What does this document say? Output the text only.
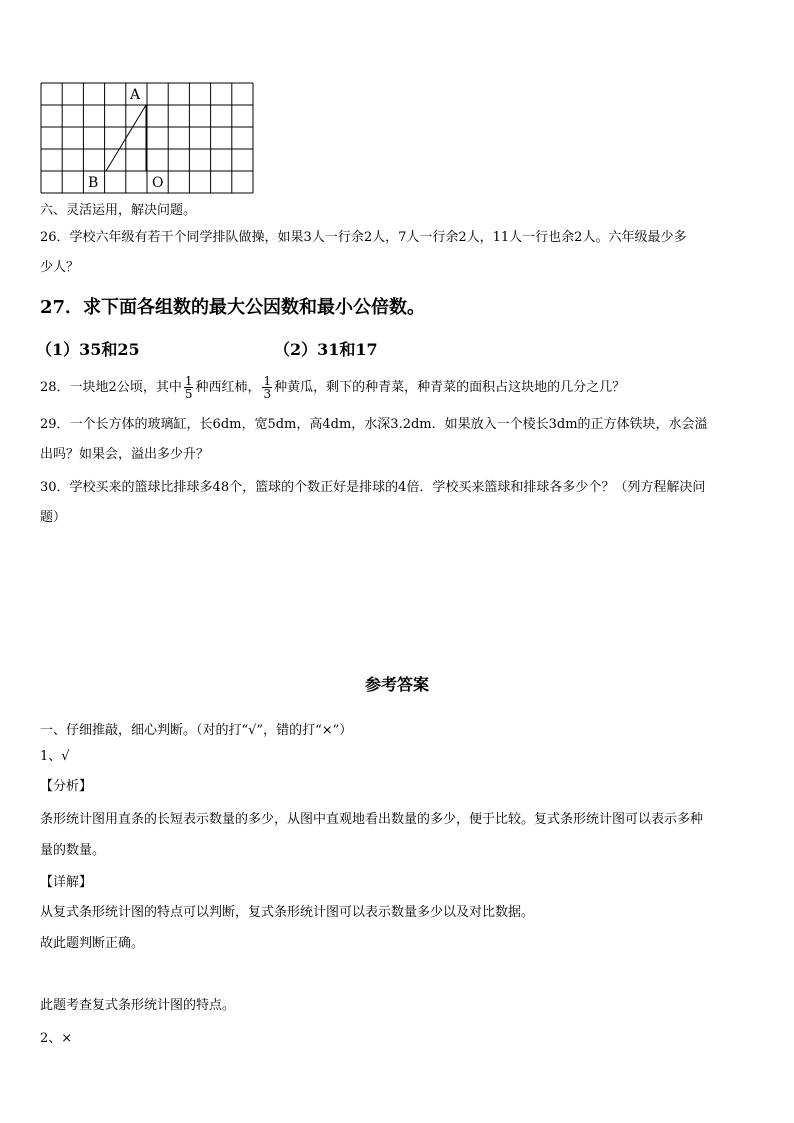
A
B	O
六、灵活运用，解决问题。
26．学校六年级有若干个同学排队做操，如果3人一行余2人，7人一行余2人，11人一行也余2人。六年级最少多
少人？
27．求下面各组数的最大公因数和最小公倍数。
（1）35和25	（2）31和17
28．一块地2公顷，其中 $\frac{1}{5}$ 种西红柿， $\frac{1}{3}$ 种黄瓜，剩下的种青菜，种青菜的面积占这块地的几分之几？
29．一个长方体的玻璃缸，长6dm，宽5dm，高4dm，水深3.2dm．如果放入一个棱长3dm的正方体铁块，水会溢
出吗？如果会，溢出多少升？
30．学校买来的篮球比排球多48个，篮球的个数正好是排球的4倍．学校买来篮球和排球各多少个？（列方程解决问
题）
参考答案
一、仔细推敲，细心判断。（对的打“√”，错的打“×”）
1、√
【分析】
条形统计图用直条的长短表示数量的多少，从图中直观地看出数量的多少，便于比较。复式条形统计图可以表示多种
量的数量。
【详解】
从复式条形统计图的特点可以判断，复式条形统计图可以表示数量多少以及对比数据。
故此题判断正确。
此题考查复式条形统计图的特点。
2、×
